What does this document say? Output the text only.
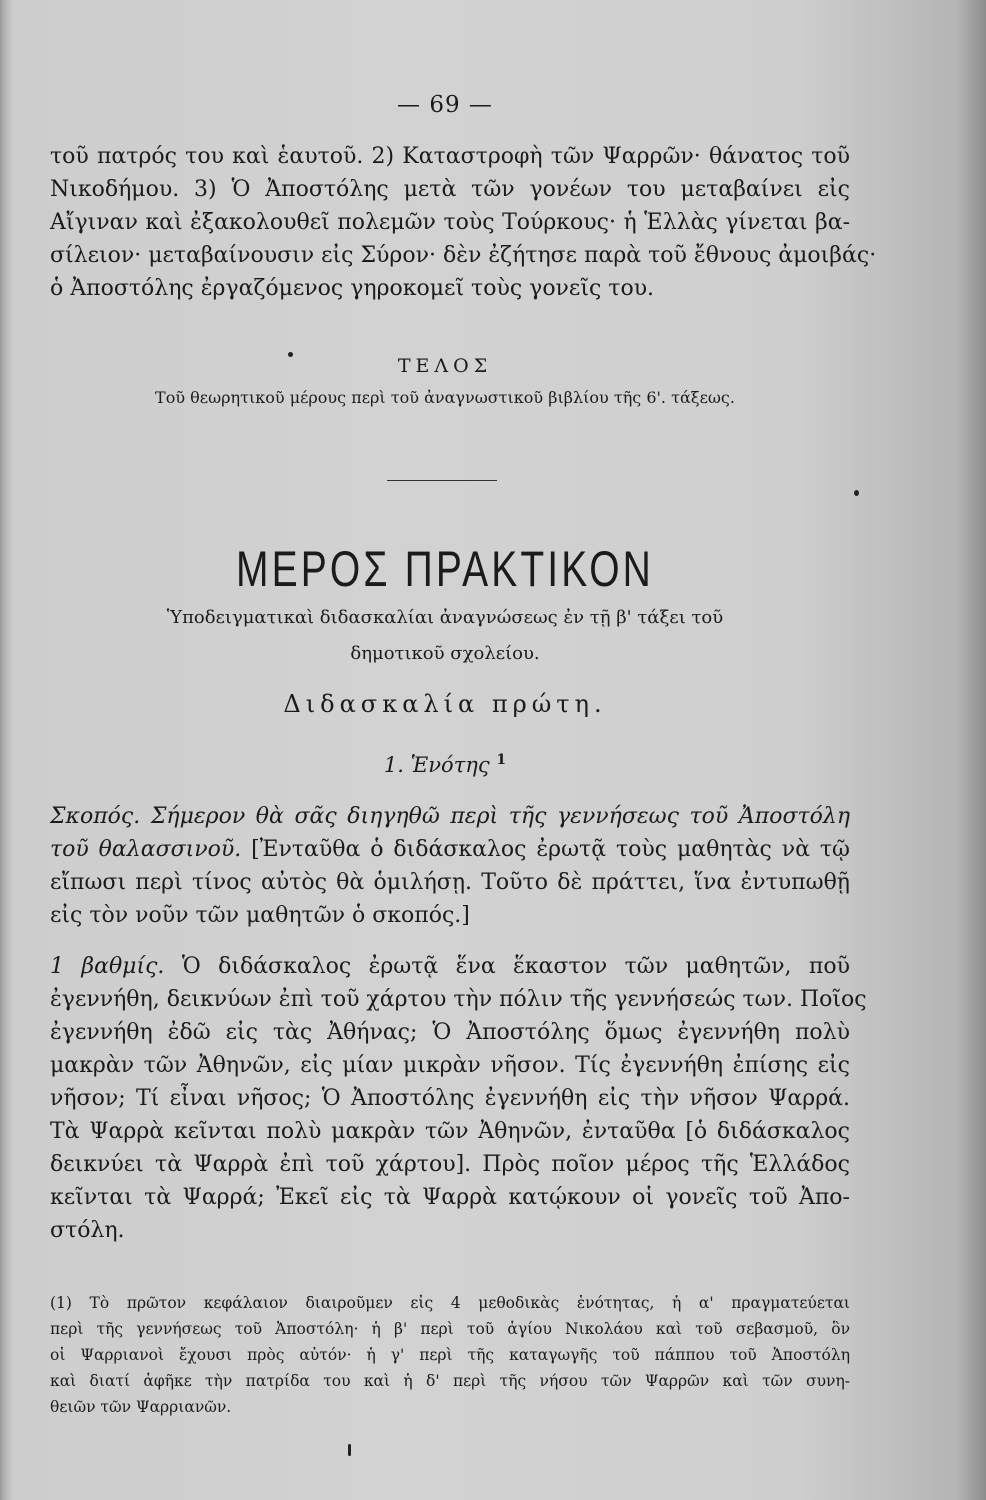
— 69 —
τοῦ πατρός του καὶ ἑαυτοῦ. 2) Καταστροφὴ τῶν Ψαρρῶν· θάνατος τοῦ
Νικοδήμου. 3) Ὁ Ἀποστόλης μετὰ τῶν γονέων του μεταβαίνει εἰς
Αἴγιναν καὶ ἐξακολουθεῖ πολεμῶν τοὺς Τούρκους· ἡ Ἑλλὰς γίνεται βα-
σίλειον· μεταβαίνουσιν εἰς Σύρον· δὲν ἐζήτησε παρὰ τοῦ ἔθνους ἀμοιβάς·
ὁ Ἀποστόλης ἐργαζόμενος γηροκομεῖ τοὺς γονεῖς του.
ΤΕΛΟΣ
Τοῦ θεωρητικοῦ μέρους περὶ τοῦ ἀναγνωστικοῦ βιβλίου τῆς 6'. τάξεως.
ΜΕΡΟΣ ΠΡΑΚΤΙΚΟΝ
Ὑποδειγματικαὶ διδασκαλίαι ἀναγνώσεως ἐν τῇ β' τάξει τοῦ
δημοτικοῦ σχολείου.
Διδασκαλία πρώτη.
1. Ἑνότης $^1$
Σκοπός. Σήμερον θὰ σᾶς διηγηθῶ περὶ τῆς γεννήσεως τοῦ Ἀποστόλη
τοῦ θαλασσινοῦ. [Ἐνταῦθα ὁ διδάσκαλος ἐρωτᾷ τοὺς μαθητὰς νὰ τῷ
εἴπωσι περὶ τίνος αὐτὸς θὰ ὁμιλήσῃ. Τοῦτο δὲ πράττει, ἵνα ἐντυπωθῇ
εἰς τὸν νοῦν τῶν μαθητῶν ὁ σκοπός.]
1 βαθμίς. Ὁ διδάσκαλος ἐρωτᾷ ἕνα ἕκαστον τῶν μαθητῶν, ποῦ
ἐγεννήθη, δεικνύων ἐπὶ τοῦ χάρτου τὴν πόλιν τῆς γεννήσεώς των. Ποῖος
ἐγεννήθη ἐδῶ εἰς τὰς Ἀθήνας; Ὁ Ἀποστόλης ὅμως ἐγεννήθη πολὺ
μακρὰν τῶν Ἀθηνῶν, εἰς μίαν μικρὰν νῆσον. Τίς ἐγεννήθη ἐπίσης εἰς
νῆσον; Τί εἶναι νῆσος; Ὁ Ἀποστόλης ἐγεννήθη εἰς τὴν νῆσον Ψαρρά.
Τὰ Ψαρρὰ κεῖνται πολὺ μακρὰν τῶν Ἀθηνῶν, ἐνταῦθα [ὁ διδάσκαλος
δεικνύει τὰ Ψαρρὰ ἐπὶ τοῦ χάρτου]. Πρὸς ποῖον μέρος τῆς Ἑλλάδος
κεῖνται τὰ Ψαρρά; Ἐκεῖ εἰς τὰ Ψαρρὰ κατῴκουν οἱ γονεῖς τοῦ Ἀπο-
στόλη.
(1) Τὸ πρῶτον κεφάλαιον διαιροῦμεν εἰς 4 μεθοδικὰς ἑνότητας, ἡ α' πραγματεύεται
περὶ τῆς γεννήσεως τοῦ Ἀποστόλη· ἡ β' περὶ τοῦ ἁγίου Νικολάου καὶ τοῦ σεβασμοῦ, ὃν
οἱ Ψαρριανοὶ ἔχουσι πρὸς αὐτόν· ἡ γ' περὶ τῆς καταγωγῆς τοῦ πάππου τοῦ Ἀποστόλη
καὶ διατί ἀφῆκε τὴν πατρίδα του καὶ ἡ δ' περὶ τῆς νήσου τῶν Ψαρρῶν καὶ τῶν συνη-
θειῶν τῶν Ψαρριανῶν.
